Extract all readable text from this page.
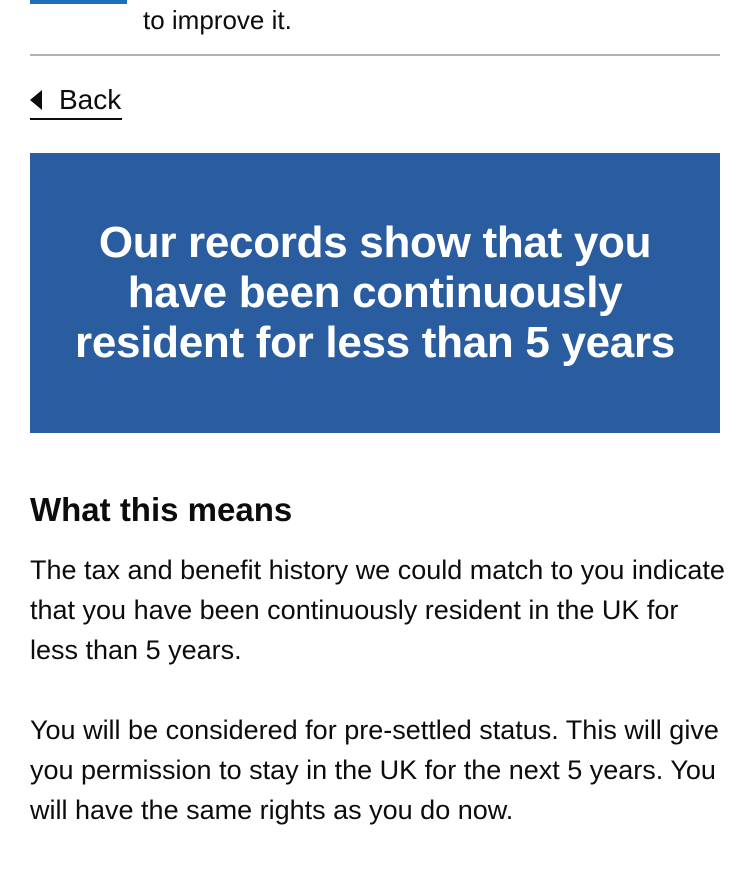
to improve it.
Back
Our records show that you have been continuously resident for less than 5 years
What this means

The tax and benefit history we could match to you indicate that you have been continuously resident in the UK for less than 5 years.

You will be considered for pre-settled status. This will give you permission to stay in the UK for the next 5 years. You will have the same rights as you do now.
